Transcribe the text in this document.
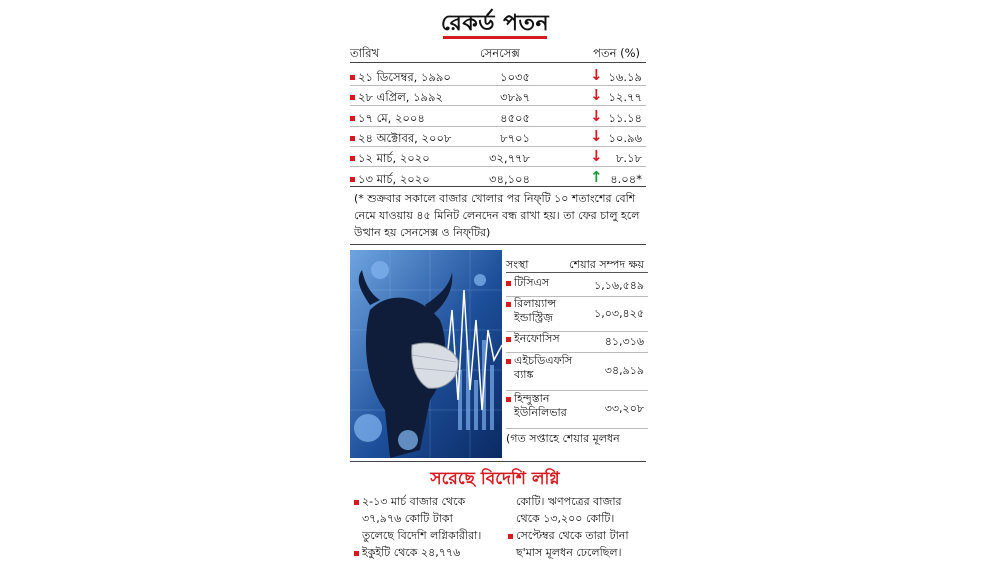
রেকর্ড পতন
তারিখ	সেনসেক্স	পতন (%)
২১ ডিসেম্বর, ১৯৯০	১০৩৫	↓ ১৬.১৯
২৮ এপ্রিল, ১৯৯২	৩৮৯৭	↓ ১২.৭৭
১৭ মে, ২০০৪	৪৫০৫	↓ ১১.১৪
২৪ অক্টোবর, ২০০৮	৮৭০১	↓ ১০.৯৬
১২ মার্চ, ২০২০	৩২,৭৭৮	↓ ৮.১৮
১৩ মার্চ, ২০২০	৩৪,১০৪	↑ ৪.০৪*
(* শুক্রবার সকালে বাজার খোলার পর নিফ্‌টি ১০ শতাংশের বেশি নেমে যাওয়ায় ৪৫ মিনিট লেনদেন বন্ধ রাখা হয়। তা ফের চালু হলে উত্থান হয় সেনসেক্স ও নিফ্‌টির)
সংস্থা	শেয়ার সম্পদ ক্ষয়
টিসিএস	১,১৬,৫৪৯
রিলায়্যান্স
ইন্ডাস্ট্রিজ়	১,০৩,৪২৫
ইনফোসিস	৪১,৩১৬
এইচডিএফসি
ব্যাঙ্ক	৩৪,৯১৯
হিন্দুস্তান
ইউনিলিভার	৩৩,২০৮
(গত সপ্তাহে শেয়ার মূলধন
সরেছে বিদেশি লগ্নি
২-১৩ মার্চ বাজার থেকে
৩৭,৯৭৬ কোটি টাকা
তুলেছে বিদেশি লগ্নিকারীরা।
ইকুইটি থেকে ২৪,৭৭৬
কোটি। ঋণপত্রের বাজার
থেকে ১৩,২০০ কোটি।
সেপ্টেম্বর থেকে তারা টানা
ছ'মাস মূলধন ঢেলেছিল।
